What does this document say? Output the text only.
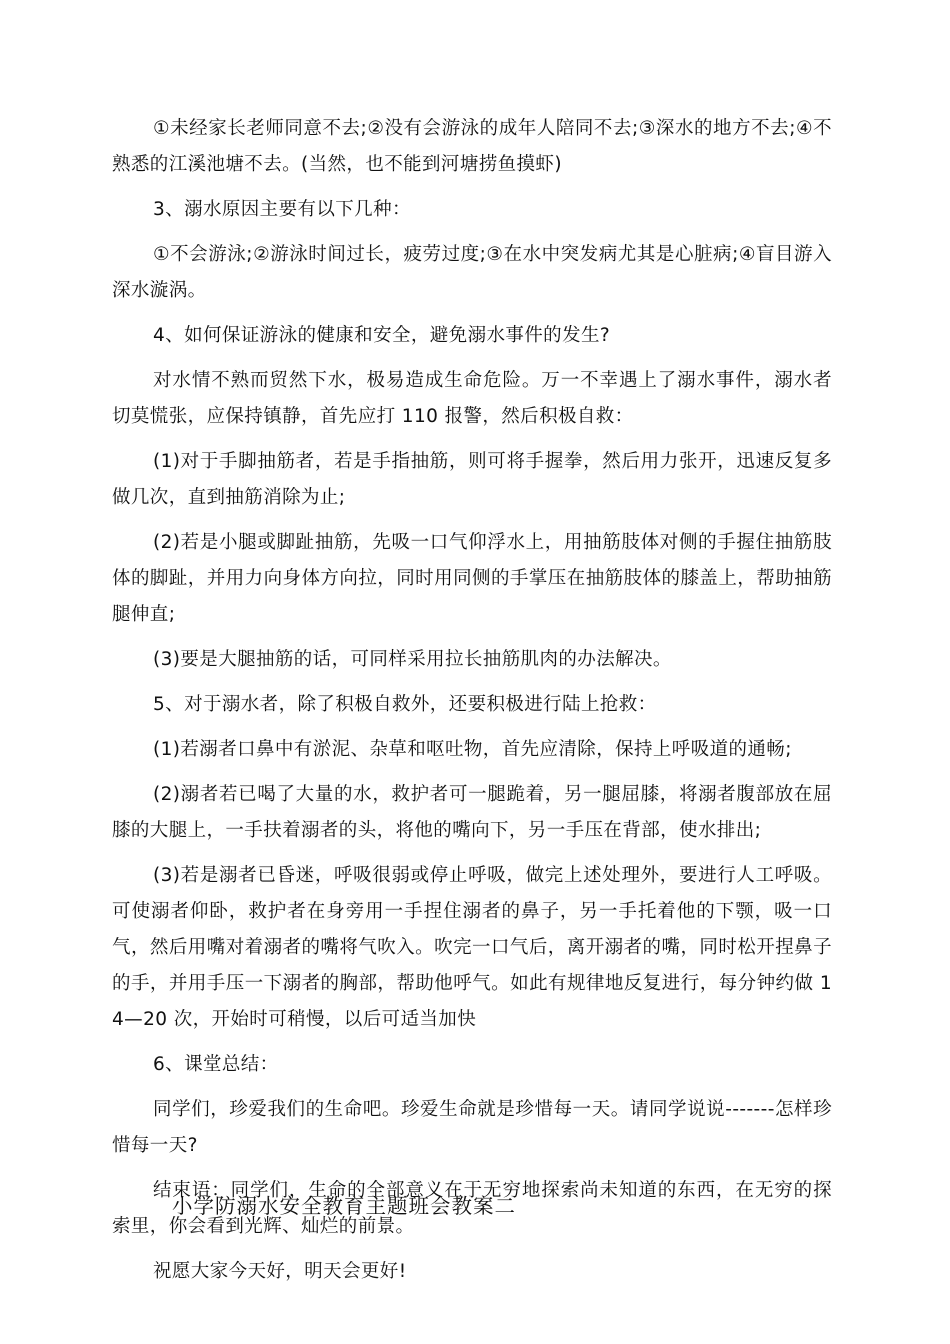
①未经家长老师同意不去;②没有会游泳的成年人陪同不去;③深水的地方不去;④不熟悉的江溪池塘不去。(当然，也不能到河塘捞鱼摸虾)

3、溺水原因主要有以下几种：

①不会游泳;②游泳时间过长，疲劳过度;③在水中突发病尤其是心脏病;④盲目游入深水漩涡。

4、如何保证游泳的健康和安全，避免溺水事件的发生?

对水情不熟而贸然下水，极易造成生命危险。万一不幸遇上了溺水事件，溺水者切莫慌张，应保持镇静，首先应打 110 报警，然后积极自救：

(1)对于手脚抽筋者，若是手指抽筋，则可将手握拳，然后用力张开，迅速反复多做几次，直到抽筋消除为止;

(2)若是小腿或脚趾抽筋，先吸一口气仰浮水上，用抽筋肢体对侧的手握住抽筋肢体的脚趾，并用力向身体方向拉，同时用同侧的手掌压在抽筋肢体的膝盖上，帮助抽筋腿伸直;

(3)要是大腿抽筋的话，可同样采用拉长抽筋肌肉的办法解决。

5、对于溺水者，除了积极自救外，还要积极进行陆上抢救：

(1)若溺者口鼻中有淤泥、杂草和呕吐物，首先应清除，保持上呼吸道的通畅;

(2)溺者若已喝了大量的水，救护者可一腿跪着，另一腿屈膝，将溺者腹部放在屈膝的大腿上，一手扶着溺者的头，将他的嘴向下，另一手压在背部，使水排出;

(3)若是溺者已昏迷，呼吸很弱或停止呼吸，做完上述处理外，要进行人工呼吸。可使溺者仰卧，救护者在身旁用一手捏住溺者的鼻子，另一手托着他的下颚，吸一口气，然后用嘴对着溺者的嘴将气吹入。吹完一口气后，离开溺者的嘴，同时松开捏鼻子的手，并用手压一下溺者的胸部，帮助他呼气。如此有规律地反复进行，每分钟约做 14—20 次，开始时可稍慢，以后可适当加快

6、课堂总结：

同学们，珍爱我们的生命吧。珍爱生命就是珍惜每一天。请同学说说-------怎样珍惜每一天?

结束语：同学们，生命的全部意义在于无穷地探索尚未知道的东西，在无穷的探索里，你会看到光辉、灿烂的前景。

祝愿大家今天好，明天会更好!

小学防溺水安全教育主题班会教案二
